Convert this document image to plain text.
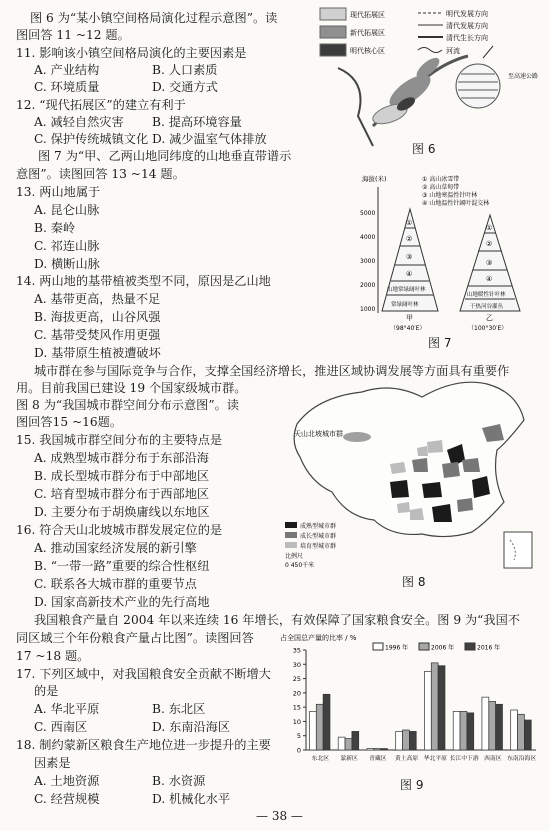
图 6 为“某小镇空间格局演化过程示意图”。读
图回答 11 ~12 题。
11. 影响该小镇空间格局演化的主要因素是
A. 产业结构	B. 人口素质
C. 环境质量	D. 交通方式
12. “现代拓展区”的建立有利于
A. 减轻自然灾害 B. 提高环境容量
C. 保护传统城镇文化 D. 减少温室气体排放
图 7 为“甲、乙两山地同纬度的山地垂直带谱示
意图”。读图回答 13 ~14 题。
13. 两山地属于
A. 昆仑山脉
B. 秦岭
C. 祁连山脉
D. 横断山脉
14. 两山地的基带植被类型不同，原因是乙山地
A. 基带更高，热量不足
B. 海拔更高，山谷风强
C. 基带受焚风作用更强
D. 基带原生植被遭破坏
城市群在参与国际竞争与合作，支撑全国经济增长，推进区域协调发展等方面具有重要作
用。目前我国已建设 19 个国家级城市群。
图 8 为“我国城市群空间分布示意图”。读
图回答15 ~16题。
15. 我国城市群空间分布的主要特点是
A. 成熟型城市群分布于东部沿海
B. 成长型城市群分布于中部地区
C. 培育型城市群分布于西部地区
D. 主要分布于胡焕庸线以东地区
16. 符合天山北坡城市群发展定位的是
A. 推动国家经济发展的新引擎
B. “一带一路”重要的综合性枢纽
C. 联系各大城市群的重要节点
D. 国家高新技术产业的先行高地
我国粮食产量自 2004 年以来连续 16 年增长，有效保障了国家粮食安全。图 9 为“我国不
同区域三个年份粮食产量占比图”。读图回答
17 ~18 题。
17. 下列区域中，对我国粮食安全贡献不断增大
的是
A. 华北平原	B. 东北区
C. 西南区	D. 东南沿海区
18. 制约蒙新区粮食生产地位进一步提升的主要
因素是
A. 土地资源	B. 水资源
C. 经营规模	D. 机械化水平
— 38 —
现代拓展区
新代拓展区
明代核心区
明代发展方向
清代发展方向
清代生长方向
河流
至高速公路
图 6
海拔(米)
5000
4000
3000
2000
1000
① 高山冰雪带
② 高山草甸带
③ 山地寒温性针叶林
④ 山地温性针阔叶混交林
①
②
③
④
山地常绿阔叶林
常绿阔叶林
甲
（98°40′E）
①
②
③
④
山地暖性针叶林
干热河谷灌丛
乙
（100°30′E）
图 7
天山北坡城市群
成熟型城市群
成长型城市群
培育型城市群
比例尺
0 450千米
图 8
占全国总产量的比率 / %
1996 年	2006 年	2016 年
0
5
10
15
20
25
30
35
东北区 蒙新区 青藏区 黄土高原 华北平原 长江中下游 西南区 东南沿海区
图 9
